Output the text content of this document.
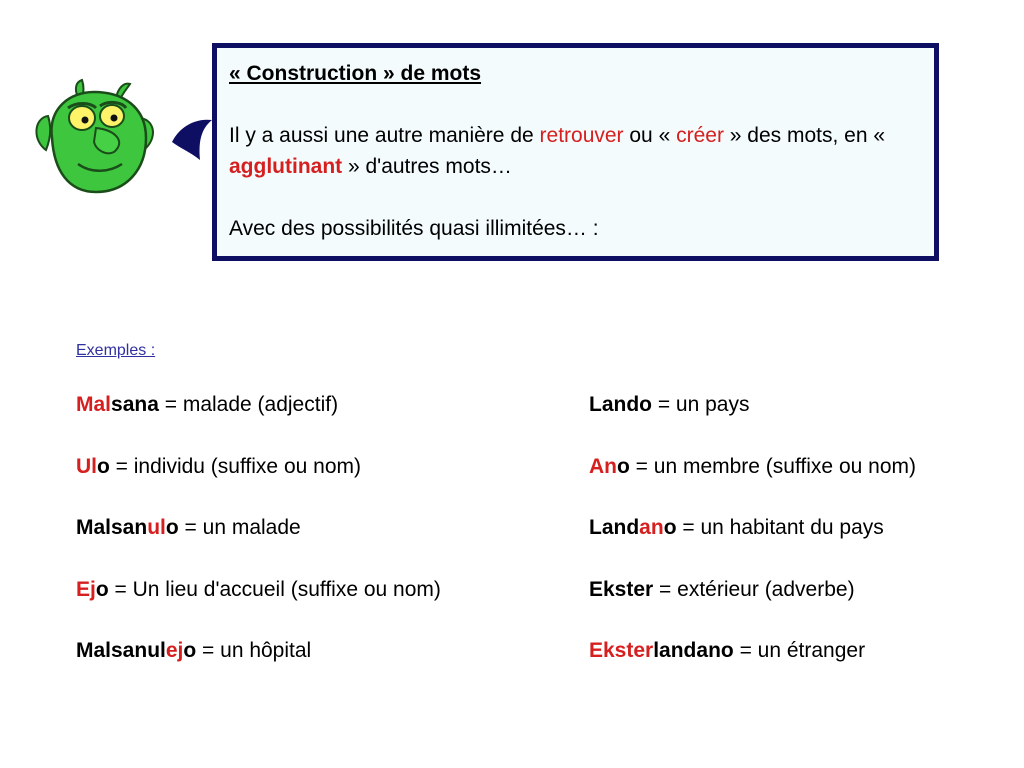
« Construction » de mots

Il y a aussi une autre manière de retrouver ou « créer » des mots, en « agglutinant » d'autres mots…

Avec des possibilités quasi illimitées… :

Exemples :
Malsana = malade (adjectif)
Ulo = individu (suffixe ou nom)
Malsanulo = un malade
Ejo = Un lieu d'accueil (suffixe ou nom)
Malsanulejo = un hôpital
Lando = un pays
Ano = un membre (suffixe ou nom)
Landano = un habitant du pays
Ekster = extérieur (adverbe)
Eksterlandano = un étranger
